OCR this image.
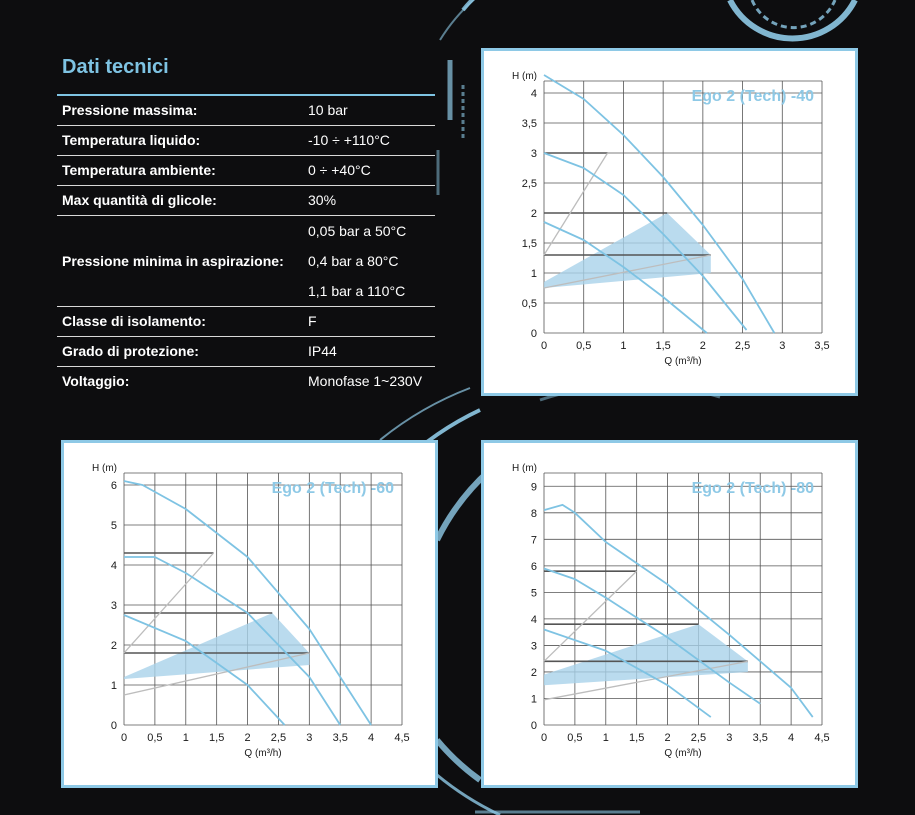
Dati tecnici
Pressione massima:	10 bar
Temperatura liquido:	-10 ÷ +110°C
Temperatura ambiente:	0 ÷ +40°C
Max quantità di glicole:	30%
Pressione minima in aspirazione:	0,05 bar a 50°C
	0,4 bar a 80°C
	1,1 bar a 110°C
Classe di isolamento:	F
Grado di protezione:	IP44
Voltaggio:	Monofase 1~230V
0	0,5	1	1,5	2	2,5	3	3,5
0
0,5
1
1,5
2
2,5
3
3,5
4
H (m)
Q (m³/h)
Ego 2 (Tech) -40
0 0,5 1 1,5 2 2,5 3 3,5 4 4,5
0
1
2
3
4
5
6
H (m)
Q (m³/h)
Ego 2 (Tech) -60
0 0,5 1 1,5 2 2,5 3 3,5 4 4,5
0
1
2
3
4
5
6
7
8
9
H (m)
Q (m³/h)
Ego 2 (Tech) -80
